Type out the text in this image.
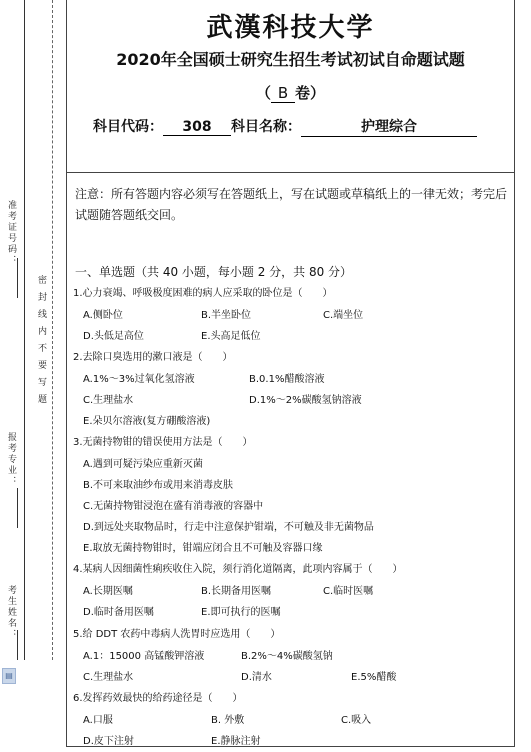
准考证号码：
报考专业：
考生姓名：
密封线内不要写题
▤
武漢科技大学
2020年全国硕士研究生招生考试初试自命题试题
（ B 卷）
科目代码： 308 科目名称：	护理综合
注意：所有答题内容必须写在答题纸上，写在试题或草稿纸上的一律无效；考完后试题随答题纸交回。
一、单选题（共 40 小题，每小题 2 分，共 80 分）
1.心力衰竭、呼吸极度困难的病人应采取的卧位是（　　）
A.侧卧位	B.半坐卧位	C.端坐位
D.头低足高位	E.头高足低位
2.去除口臭选用的漱口液是（　　）
A.1%～3%过氧化氢溶液	B.0.1%醋酸溶液
C.生理盐水	D.1%～2%碳酸氢钠溶液
E.朵贝尔溶液(复方硼酸溶液)
3.无菌持物钳的错误使用方法是（　　）
A.遇到可疑污染应重新灭菌
B.不可来取油纱布或用来消毒皮肤
C.无菌持物钳浸泡在盛有消毒液的容器中
D.到远处夹取物品时，行走中注意保护钳端，不可触及非无菌物品
E.取放无菌持物钳时，钳端应闭合且不可触及容器口缘
4.某病人因细菌性痢疾收住入院，须行消化道隔离，此项内容属于（　　）
A.长期医嘱	B.长期备用医嘱	C.临时医嘱
D.临时备用医嘱	E.即可执行的医嘱
5.给 DDT 农药中毒病人洗胃时应选用（　　）
A.1：15000 高锰酸钾溶液	B.2%～4%碳酸氢钠
C.生理盐水	D.清水	E.5%醋酸
6.发挥药效最快的给药途径是（　　）
A.口服	B. 外敷	C.吸入
D.皮下注射	E.静脉注射
